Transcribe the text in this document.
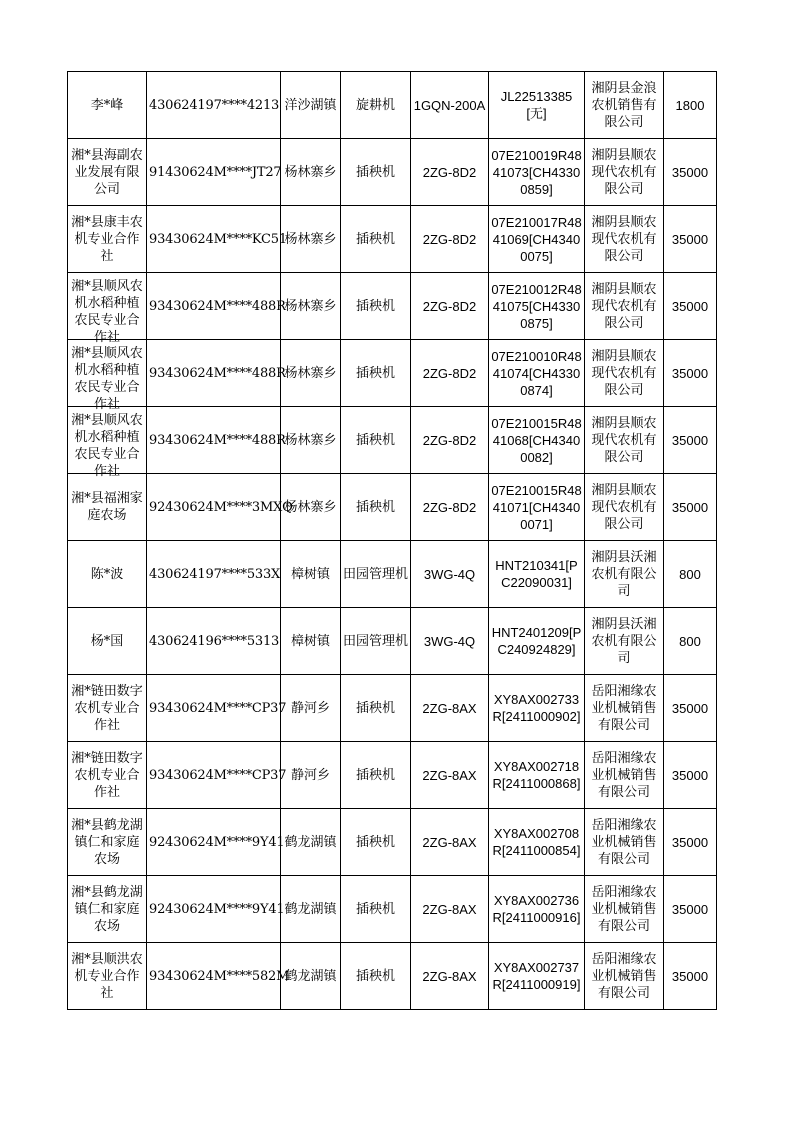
李*峰	430624197****4213	洋沙湖镇	旋耕机	1GQN-200A	JL22513385[无]	湘阴县金浪农机销售有限公司	1800

湘*县海副农业发展有限公司	91430624M****JT27	杨林寨乡	插秧机	2ZG-8D2	07E210019R4841073[CH43300859]	湘阴县顺农现代农机有限公司	35000

湘*县康丰农机专业合作社	93430624M****KC51	杨林寨乡	插秧机	2ZG-8D2	07E210017R4841069[CH43400075]	湘阴县顺农现代农机有限公司	35000

湘*县顺风农机水稻种植农民专业合作社	93430624M****488R	杨林寨乡	插秧机	2ZG-8D2	07E210012R4841075[CH43300875]	湘阴县顺农现代农机有限公司	35000

湘*县顺风农机水稻种植农民专业合作社	93430624M****488R	杨林寨乡	插秧机	2ZG-8D2	07E210010R4841074[CH43300874]	湘阴县顺农现代农机有限公司	35000

湘*县顺风农机水稻种植农民专业合作社	93430624M****488R	杨林寨乡	插秧机	2ZG-8D2	07E210015R4841068[CH43400082]	湘阴县顺农现代农机有限公司	35000

湘*县福湘家庭农场	92430624M****3MXQ	杨林寨乡	插秧机	2ZG-8D2	07E210015R4841071[CH43400071]	湘阴县顺农现代农机有限公司	35000

陈*波	430624197****533X	樟树镇	田园管理机	3WG-4Q	HNT210341[PC22090031]	湘阴县沃湘农机有限公司	800

杨*国	430624196****5313	樟树镇	田园管理机	3WG-4Q	HNT2401209[PC240924829]	湘阴县沃湘农机有限公司	800

湘*链田数字农机专业合作社	93430624M****CP37	静河乡	插秧机	2ZG-8AX	XY8AX002733R[2411000902]	岳阳湘缘农业机械销售有限公司	35000

湘*链田数字农机专业合作社	93430624M****CP37	静河乡	插秧机	2ZG-8AX	XY8AX002718R[2411000868]	岳阳湘缘农业机械销售有限公司	35000

湘*县鹤龙湖镇仁和家庭农场	92430624M****9Y41	鹤龙湖镇	插秧机	2ZG-8AX	XY8AX002708R[2411000854]	岳阳湘缘农业机械销售有限公司	35000

湘*县鹤龙湖镇仁和家庭农场	92430624M****9Y41	鹤龙湖镇	插秧机	2ZG-8AX	XY8AX002736R[2411000916]	岳阳湘缘农业机械销售有限公司	35000

湘*县顺洪农机专业合作社	93430624M****582M	鹤龙湖镇	插秧机	2ZG-8AX	XY8AX002737R[2411000919]	岳阳湘缘农业机械销售有限公司	35000
